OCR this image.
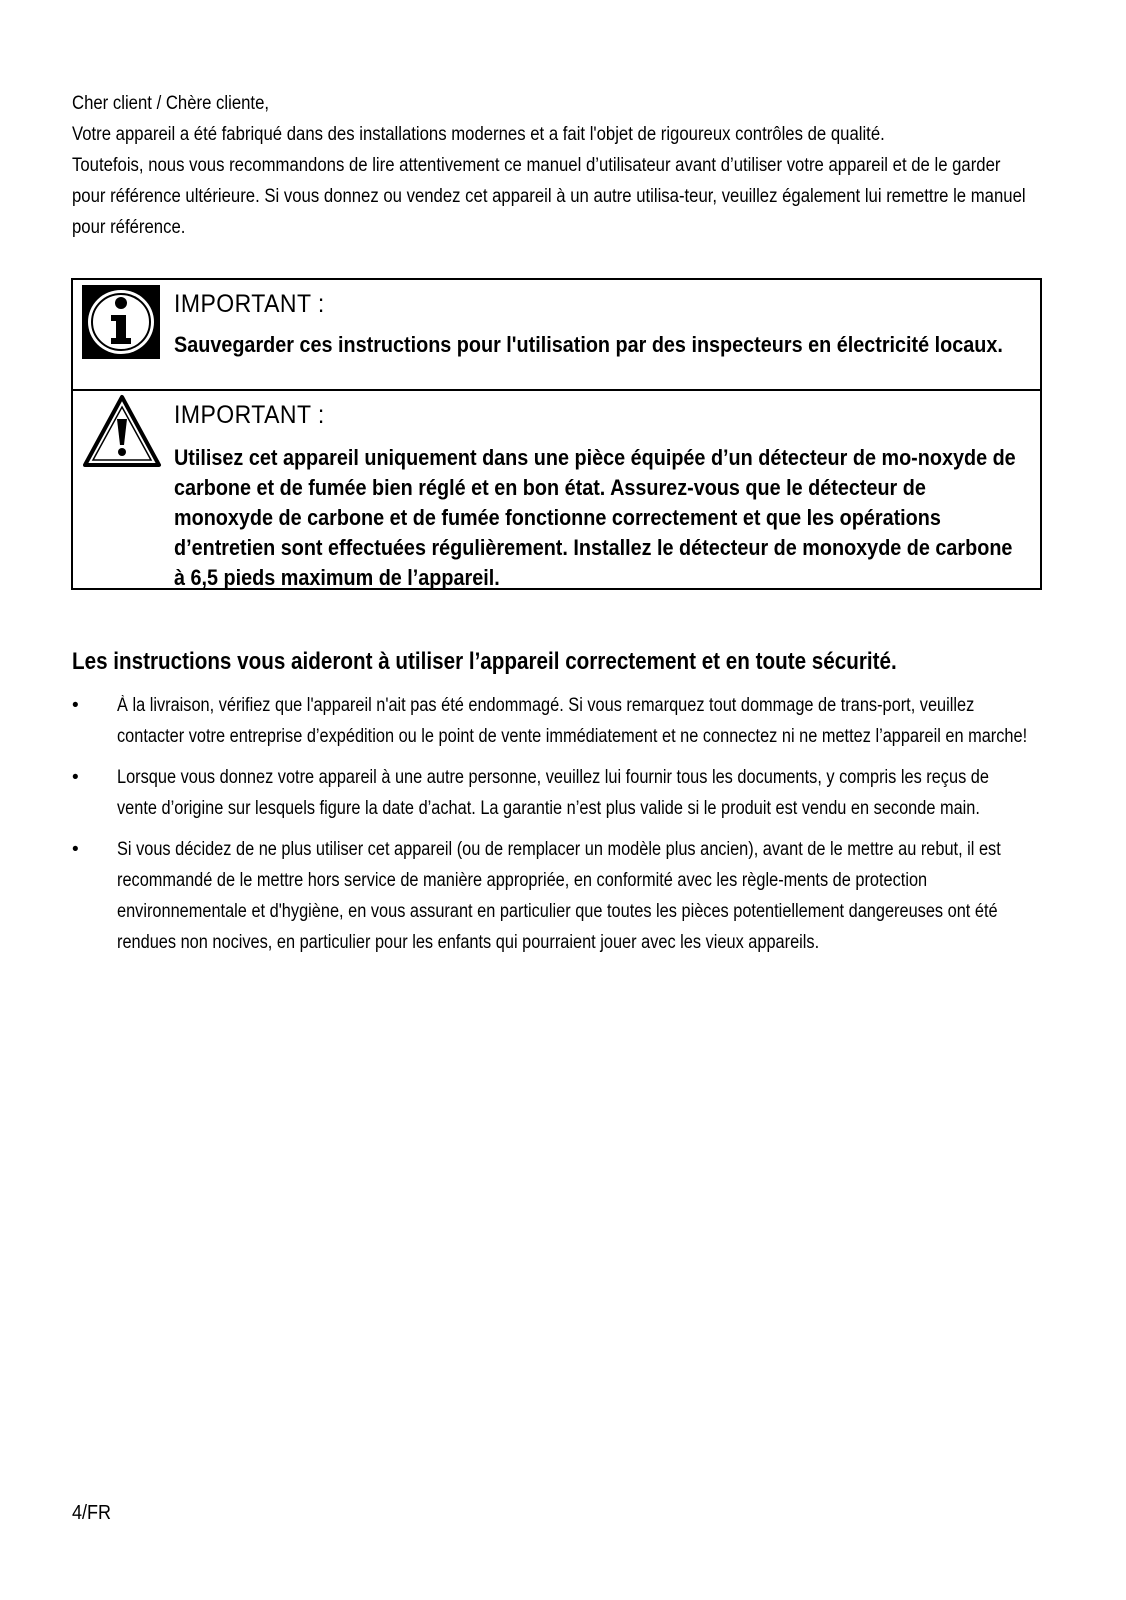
Cher client / Chère cliente,

Votre appareil a été fabriqué dans des installations modernes et a fait l'objet de rigoureux contrôles de qualité.

Toutefois, nous vous recommandons de lire attentivement ce manuel d’utilisateur avant d’utiliser votre appareil et de le garder pour référence ultérieure. Si vous donnez ou vendez cet appareil à un autre utilisa-teur, veuillez également lui remettre le manuel pour référence.

IMPORTANT :
Sauvegarder ces instructions pour l'utilisation par des inspecteurs en électricité locaux.
IMPORTANT :
Utilisez cet appareil uniquement dans une pièce équipée d’un détecteur de mo-noxyde de carbone et de fumée bien réglé et en bon état. Assurez-vous que le détecteur de monoxyde de carbone et de fumée fonctionne correctement et que les opérations d’entretien sont effectuées régulièrement. Installez le détecteur de monoxyde de carbone à 6,5 pieds maximum de l’appareil.
Les instructions vous aideront à utiliser l’appareil correctement et en toute sécurité.
• À la livraison, vérifiez que l'appareil n'ait pas été endommagé. Si vous remarquez tout dommage de trans-port, veuillez contacter votre entreprise d’expédition ou le point de vente immédiatement et ne connectez ni ne mettez l’appareil en marche!
• Lorsque vous donnez votre appareil à une autre personne, veuillez lui fournir tous les documents, y compris les reçus de vente d’origine sur lesquels figure la date d’achat. La garantie n’est plus valide si le produit est vendu en seconde main.
• Si vous décidez de ne plus utiliser cet appareil (ou de remplacer un modèle plus ancien), avant de le mettre au rebut, il est recommandé de le mettre hors service de manière appropriée, en conformité avec les règle-ments de protection environnementale et d'hygiène, en vous assurant en particulier que toutes les pièces potentiellement dangereuses ont été rendues non nocives, en particulier pour les enfants qui pourraient jouer avec les vieux appareils.
4/FR
